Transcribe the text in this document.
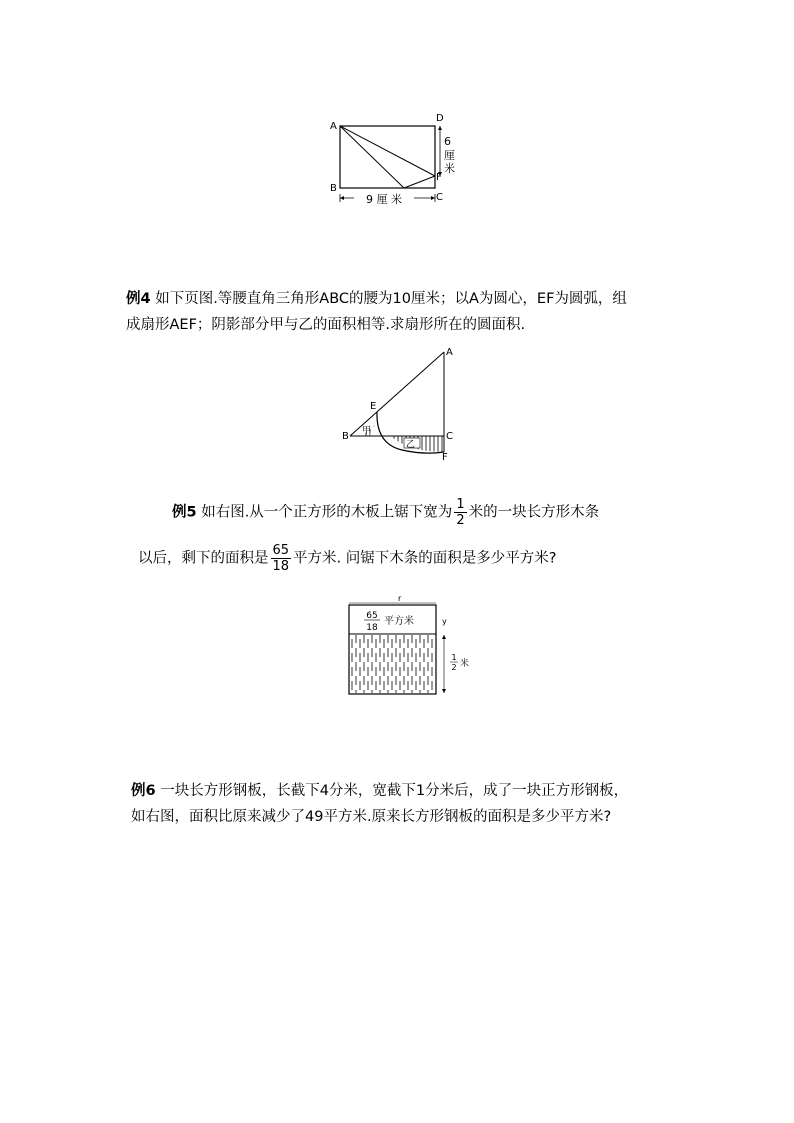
9 厘 米
A
B
D
F
C
6
厘
米
例4 如下页图.等腰直角三角形ABC的腰为10厘米；以A为圆心，EF为圆弧，组
成扇形AEF；阴影部分甲与乙的面积相等.求扇形所在的圆面积.
乙
甲
A
B	C
E
F
例5 如右图.从一个正方形的木板上锯下宽为 $\frac{1}{2}$ 米的一块长方形木条
以后，剩下的面积是 $\frac{65}{18}$ 平方米. 问锯下木条的面积是多少平方米?
r
65
18
平方米	y
1
2 米
例6 一块长方形钢板，长截下4分米，宽截下1分米后，成了一块正方形钢板，
如右图，面积比原来减少了49平方米.原来长方形钢板的面积是多少平方米?
